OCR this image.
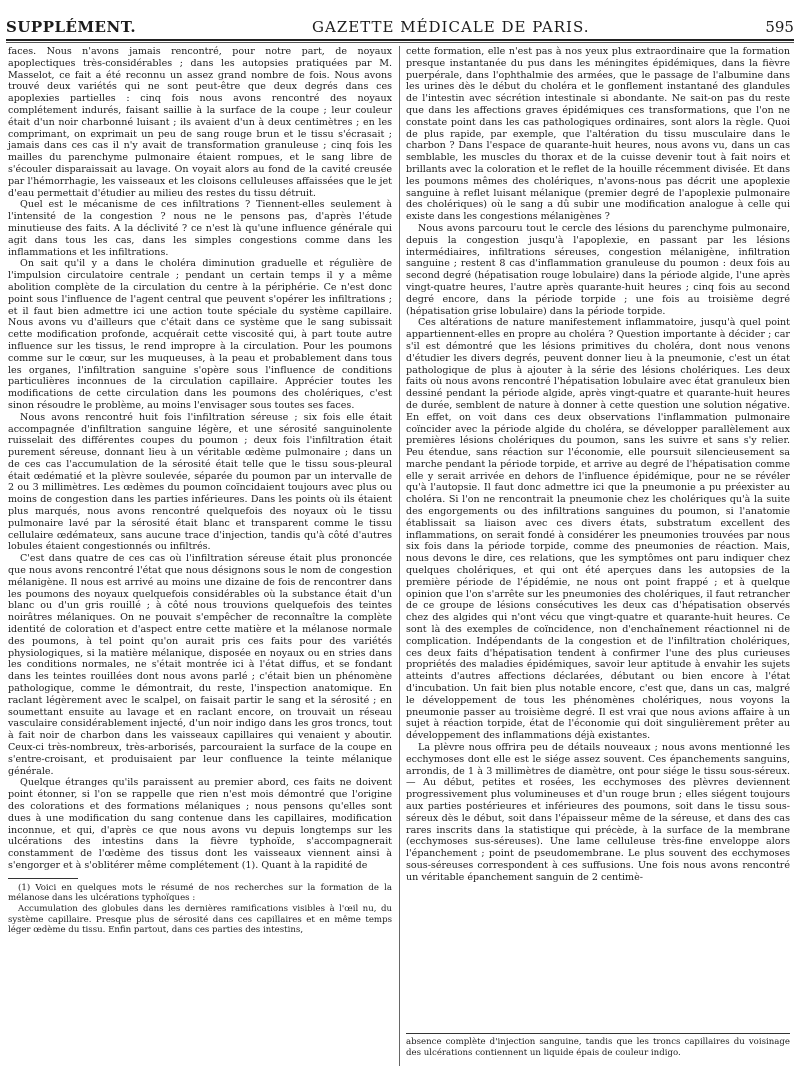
SUPPLÉMENT.	GAZETTE MÉDICALE DE PARIS.	595

faces. Nous n'avons jamais rencontré, pour notre part, de noyaux apoplectiques très-considérables ; dans les autopsies pratiquées par M. Masselot, ce fait a été reconnu un assez grand nombre de fois. Nous avons trouvé deux variétés qui ne sont peut-être que deux degrés dans ces apoplexies partielles : cinq fois nous avons rencontré des noyaux complétement indurés, faisant saillie à la surface de la coupe ; leur couleur était d'un noir charbonné luisant ; ils avaient d'un à deux centimètres ; en les comprimant, on exprimait un peu de sang rouge brun et le tissu s'écrasait ; jamais dans ces cas il n'y avait de transformation granuleuse ; cinq fois les mailles du parenchyme pulmonaire étaient rompues, et le sang libre de s'écouler disparaissait au lavage. On voyait alors au fond de la cavité creusée par l'hémorrhagie, les vaisseaux et les cloisons celluleuses affaissées que le jet d'eau permettait d'étudier au milieu des restes du tissu détruit.

Quel est le mécanisme de ces infiltrations ? Tiennent-elles seulement à l'intensité de la congestion ? nous ne le pensons pas, d'après l'étude minutieuse des faits. A la déclivité ? ce n'est là qu'une influence générale qui agit dans tous les cas, dans les simples congestions comme dans les inflammations et les infiltrations.

On sait qu'il y a dans le choléra diminution graduelle et régulière de l'impulsion circulatoire centrale ; pendant un certain temps il y a même abolition complète de la circulation du centre à la périphérie. Ce n'est donc point sous l'influence de l'agent central que peuvent s'opérer les infiltrations ; et il faut bien admettre ici une action toute spéciale du système capillaire. Nous avons vu d'ailleurs que c'était dans ce système que le sang subissait cette modification profonde, acquérait cette viscosité qui, à part toute autre influence sur les tissus, le rend impropre à la circulation. Pour les poumons comme sur le cœur, sur les muqueuses, à la peau et probablement dans tous les organes, l'infiltration sanguine s'opère sous l'influence de conditions particulières inconnues de la circulation capillaire. Apprécier toutes les modifications de cette circulation dans les poumons des cholériques, c'est sinon résoudre le problème, au moins l'envisager sous toutes ses faces.

Nous avons rencontré huit fois l'infiltration séreuse ; six fois elle était accompagnée d'infiltration sanguine légère, et une sérosité sanguinolente ruisselait des différentes coupes du poumon ; deux fois l'infiltration était purement séreuse, donnant lieu à un véritable œdème pulmonaire ; dans un de ces cas l'accumulation de la sérosité était telle que le tissu sous-pleural était œdématié et la plèvre soulevée, séparée du poumon par un intervalle de 2 ou 3 millimètres. Les œdèmes du poumon coïncidaient toujours avec plus ou moins de congestion dans les parties inférieures. Dans les points où ils étaient plus marqués, nous avons rencontré quelquefois des noyaux où le tissu pulmonaire lavé par la sérosité était blanc et transparent comme le tissu cellulaire œdémateux, sans aucune trace d'injection, tandis qu'à côté d'autres lobules étaient congestionnés ou infiltrés.

C'est dans quatre de ces cas où l'infiltration séreuse était plus prononcée que nous avons rencontré l'état que nous désignons sous le nom de congestion mélanigène. Il nous est arrivé au moins une dizaine de fois de rencontrer dans les poumons des noyaux quelquefois considérables où la substance était d'un blanc ou d'un gris rouillé ; à côté nous trouvions quelquefois des teintes noirâtres mélaniques. On ne pouvait s'empêcher de reconnaître la complète identité de coloration et d'aspect entre cette matière et la mélanose normale des poumons, à tel point qu'on aurait pris ces faits pour des variétés physiologiques, si la matière mélanique, disposée en noyaux ou en stries dans les conditions normales, ne s'était montrée ici à l'état diffus, et se fondant dans les teintes rouillées dont nous avons parlé ; c'était bien un phénomène pathologique, comme le démontrait, du reste, l'inspection anatomique. En raclant légèrement avec le scalpel, on faisait partir le sang et la sérosité ; en soumettant ensuite au lavage et en raclant encore, on trouvait un réseau vasculaire considérablement injecté, d'un noir indigo dans les gros troncs, tout à fait noir de charbon dans les vaisseaux capillaires qui venaient y aboutir. Ceux-ci très-nombreux, très-arborisés, parcouraient la surface de la coupe en s'entre-croisant, et produisaient par leur confluence la teinte mélanique générale.

Quelque étranges qu'ils paraissent au premier abord, ces faits ne doivent point étonner, si l'on se rappelle que rien n'est mois démontré que l'origine des colorations et des formations mélaniques ; nous pensons qu'elles sont dues à une modification du sang contenue dans les capillaires, modification inconnue, et qui, d'après ce que nous avons vu depuis longtemps sur les ulcérations des intestins dans la fièvre typhoïde, s'accompagnerait constamment de l'œdème des tissus dont les vaisseaux viennent ainsi à s'engorger et à s'oblitérer même complétement (1). Quant à la rapidité de

(1) Voici en quelques mots le résumé de nos recherches sur la formation de la mélanose dans les ulcérations typhoïques :

Accumulation des globules dans les dernières ramifications visibles à l'œil nu, du système capillaire. Presque plus de sérosité dans ces capillaires et en même temps léger œdème du tissu. Enfin partout, dans ces parties des intestins,

cette formation, elle n'est pas à nos yeux plus extraordinaire que la formation presque instantanée du pus dans les méningites épidémiques, dans la fièvre puerpérale, dans l'ophthalmie des armées, que le passage de l'albumine dans les urines dès le début du choléra et le gonflement instantané des glandules de l'intestin avec sécrétion intestinale si abondante. Ne sait-on pas du reste que dans les affections graves épidémiques ces transformations, que l'on ne constate point dans les cas pathologiques ordinaires, sont alors la règle. Quoi de plus rapide, par exemple, que l'altération du tissu musculaire dans le charbon ? Dans l'espace de quarante-huit heures, nous avons vu, dans un cas semblable, les muscles du thorax et de la cuisse devenir tout à fait noirs et brillants avec la coloration et le reflet de la houille récemment divisée. Et dans les poumons mêmes des cholériques, n'avons-nous pas décrit une apoplexie sanguine à reflet luisant mélanique (premier degré de l'apoplexie pulmonaire des cholériques) où le sang a dû subir une modification analogue à celle qui existe dans les congestions mélanigènes ?

Nous avons parcouru tout le cercle des lésions du parenchyme pulmonaire, depuis la congestion jusqu'à l'apoplexie, en passant par les lésions intermédiaires, infiltrations séreuses, congestion mélanigène, infiltration sanguine ; restent 8 cas d'inflammation granuleuse du poumon : deux fois au second degré (hépatisation rouge lobulaire) dans la période algide, l'une après vingt-quatre heures, l'autre après quarante-huit heures ; cinq fois au second degré encore, dans la période torpide ; une fois au troisième degré (hépatisation grise lobulaire) dans la période torpide.

Ces altérations de nature manifestement inflammatoire, jusqu'à quel point appartiennent-elles en propre au choléra ? Question importante à décider ; car s'il est démontré que les lésions primitives du choléra, dont nous venons d'étudier les divers degrés, peuvent donner lieu à la pneumonie, c'est un état pathologique de plus à ajouter à la série des lésions cholériques. Les deux faits où nous avons rencontré l'hépatisation lobulaire avec état granuleux bien dessiné pendant la période algide, après vingt-quatre et quarante-huit heures de durée, semblent de nature à donner à cette question une solution négative. En effet, on voit dans ces deux observations l'inflammation pulmonaire coïncider avec la période algide du choléra, se développer parallèlement aux premières lésions cholériques du poumon, sans les suivre et sans s'y relier. Peu étendue, sans réaction sur l'économie, elle poursuit silencieusement sa marche pendant la période torpide, et arrive au degré de l'hépatisation comme elle y serait arrivée en dehors de l'influence épidémique, pour ne se révéler qu'à l'autopsie. Il faut donc admettre ici que la pneumonie a pu préexister au choléra. Si l'on ne rencontrait la pneumonie chez les cholériques qu'à la suite des engorgements ou des infiltrations sanguines du poumon, si l'anatomie établissait sa liaison avec ces divers états, substratum excellent des inflammations, on serait fondé à considérer les pneumonies trouvées par nous six fois dans la période torpide, comme des pneumonies de réaction. Mais, nous devons le dire, ces relations, que les symptômes ont paru indiquer chez quelques cholériques, et qui ont été aperçues dans les autopsies de la première période de l'épidémie, ne nous ont point frappé ; et à quelque opinion que l'on s'arrête sur les pneumonies des cholériques, il faut retrancher de ce groupe de lésions consécutives les deux cas d'hépatisation observés chez des algides qui n'ont vécu que vingt-quatre et quarante-huit heures. Ce sont là des exemples de coïncidence, non d'enchaînement réactionnel ni de complication. Indépendants de la congestion et de l'infiltration cholériques, ces deux faits d'hépatisation tendent à confirmer l'une des plus curieuses propriétés des maladies épidémiques, savoir leur aptitude à envahir les sujets atteints d'autres affections déclarées, débutant ou bien encore à l'état d'incubation. Un fait bien plus notable encore, c'est que, dans un cas, malgré le développement de tous les phénomènes cholériques, nous voyons la pneumonie passer au troisième degré. Il est vrai que nous avions affaire à un sujet à réaction torpide, état de l'économie qui doit singulièrement prêter au développement des inflammations déjà existantes.

La plèvre nous offrira peu de détails nouveaux ; nous avons mentionné les ecchymoses dont elle est le siége assez souvent. Ces épanchements sanguins, arrondis, de 1 à 3 millimètres de diamètre, ont pour siége le tissu sous-séreux. — Au début, petites et rosées, les ecchymoses des plèvres deviennent progressivement plus volumineuses et d'un rouge brun ; elles siégent toujours aux parties postérieures et inférieures des poumons, soit dans le tissu sous-séreux dès le début, soit dans l'épaisseur même de la séreuse, et dans des cas rares inscrits dans la statistique qui précède, à la surface de la membrane (ecchymoses sus-séreuses). Une lame celluleuse très-fine enveloppe alors l'épanchement ; point de pseudomembrane. Le plus souvent des ecchymoses sous-séreuses correspondent à ces suffusions. Une fois nous avons rencontré un véritable épanchement sanguin de 2 centimè-

absence complète d'injection sanguine, tandis que les troncs capillaires du voisinage des ulcérations contiennent un liquide épais de couleur indigo.
